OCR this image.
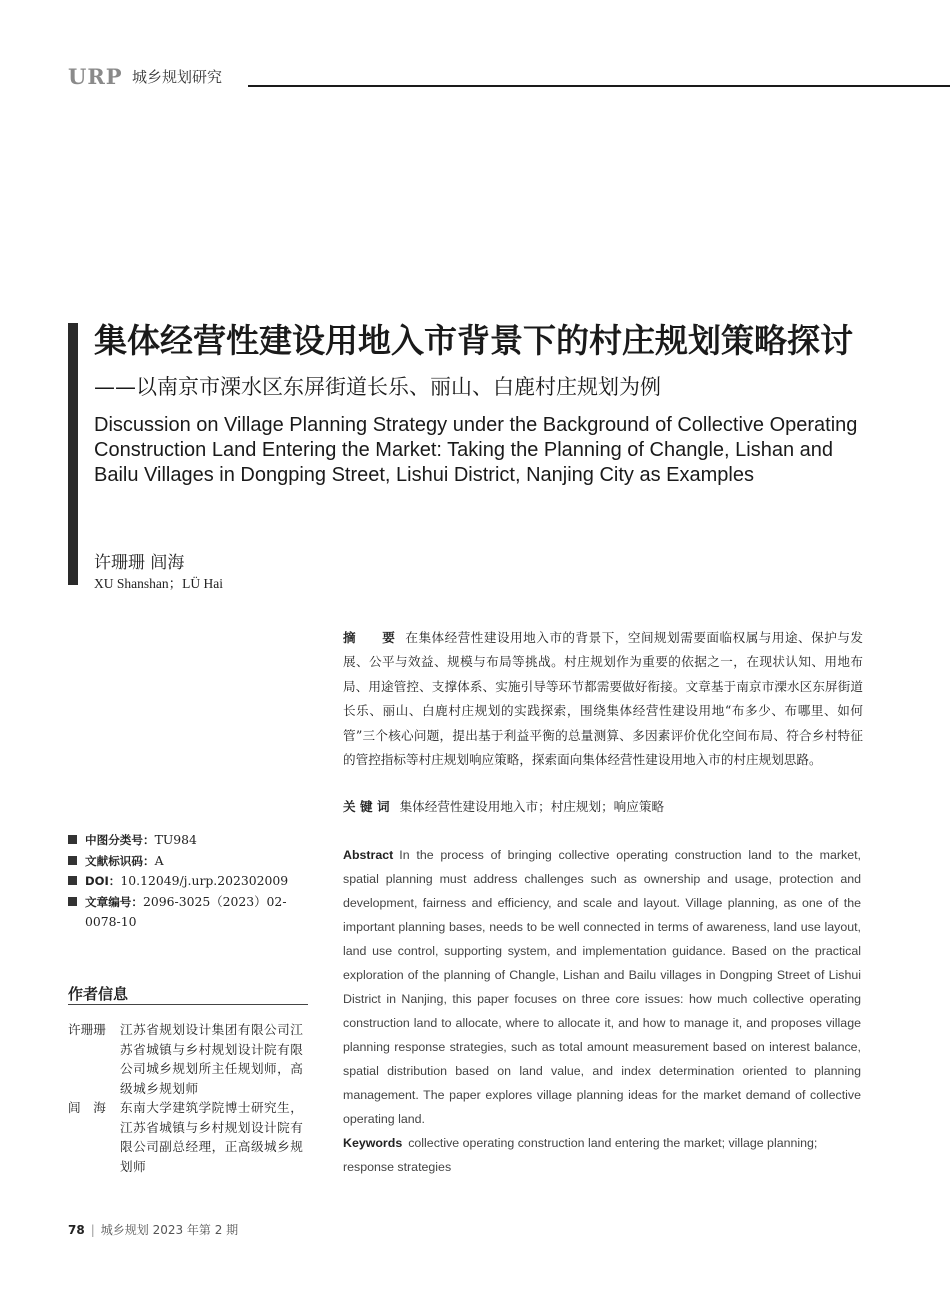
URP 城乡规划研究
集体经营性建设用地入市背景下的村庄规划策略探讨——以南京市溧水区东屏街道长乐、丽山、白鹿村庄规划为例
Discussion on Village Planning Strategy under the Background of Collective Operating Construction Land Entering the Market: Taking the Planning of Changle, Lishan and Bailu Villages in Dongping Street, Lishui District, Nanjing City as Examples
许珊珊 闾海
XU Shanshan；LÜ Hai
摘　　要 在集体经营性建设用地入市的背景下，空间规划需要面临权属与用途、保护与发展、公平与效益、规模与布局等挑战。村庄规划作为重要的依据之一，在现状认知、用地布局、用途管控、支撑体系、实施引导等环节都需要做好衔接。文章基于南京市溧水区东屏街道长乐、丽山、白鹿村庄规划的实践探索，围绕集体经营性建设用地“布多少、布哪里、如何管”三个核心问题，提出基于利益平衡的总量测算、多因素评价优化空间布局、符合乡村特征的管控指标等村庄规划响应策略，探索面向集体经营性建设用地入市的村庄规划思路。
关 键 词 集体经营性建设用地入市；村庄规划；响应策略
Abstract In the process of bringing collective operating construction land to the market, spatial planning must address challenges such as ownership and usage, protection and development, fairness and efficiency, and scale and layout. Village planning, as one of the important planning bases, needs to be well connected in terms of awareness, land use layout, land use control, supporting system, and implementation guidance. Based on the practical exploration of the planning of Changle, Lishan and Bailu villages in Dongping Street of Lishui District in Nanjing, this paper focuses on three core issues: how much collective operating construction land to allocate, where to allocate it, and how to manage it, and proposes village planning response strategies, such as total amount measurement based on interest balance, spatial distribution based on land value, and index determination oriented to planning management. The paper explores village planning ideas for the market demand of collective operating land.
Keywords collective operating construction land entering the market; village planning; response strategies
中图分类号：TU984
文献标识码：A
DOI：10.12049/j.urp.202302009
文章编号：2096-3025（2023）02-0078-10
作者信息
许珊珊	江苏省规划设计集团有限公司江苏省城镇与乡村规划设计院有限公司城乡规划所主任规划师，高级城乡规划师
闾　海	东南大学建筑学院博士研究生，江苏省城镇与乡村规划设计院有限公司副总经理，正高级城乡规划师
78 | 城乡规划 2023 年第 2 期
